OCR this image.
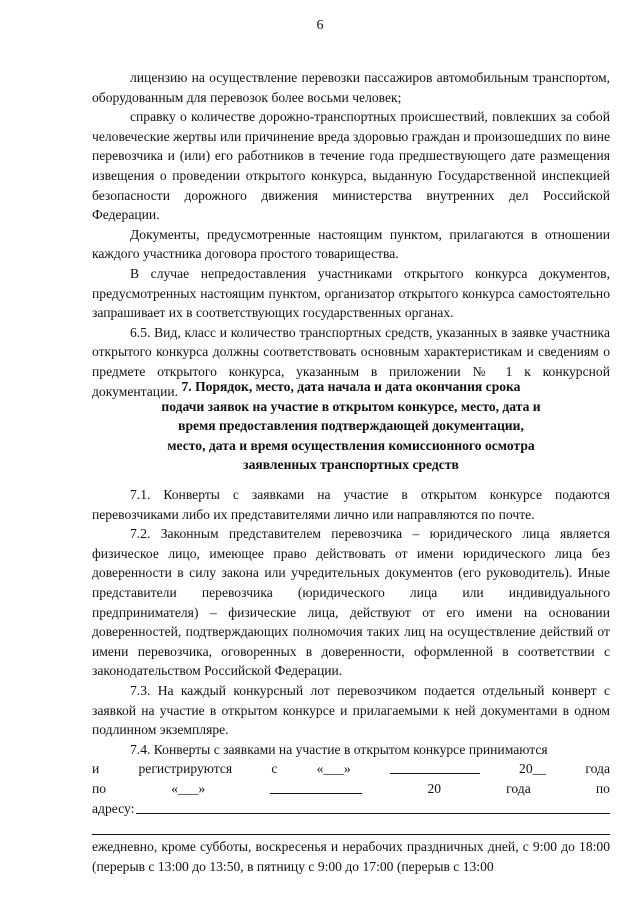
6

лицензию на осуществление перевозки пассажиров автомобильным транспортом, оборудованным для перевозок более восьми человек;

справку о количестве дорожно-транспортных происшествий, повлекших за собой человеческие жертвы или причинение вреда здоровью граждан и произошедших по вине перевозчика и (или) его работников в течение года предшествующего дате размещения извещения о проведении открытого конкурса, выданную Государственной инспекцией безопасности дорожного движения министерства внутренних дел Российской Федерации.

Документы, предусмотренные настоящим пунктом, прилагаются в отношении каждого участника договора простого товарищества.

В случае непредоставления участниками открытого конкурса документов, предусмотренных настоящим пунктом, организатор открытого конкурса самостоятельно запрашивает их в соответствующих государственных органах.

6.5. Вид, класс и количество транспортных средств, указанных в заявке участника открытого конкурса должны соответствовать основным характеристикам и сведениям о предмете открытого конкурса, указанным в приложении № 1 к конкурсной документации. 7. Порядок, место, дата начала и дата окончания срока

подачи заявок на участие в открытом конкурсе, место, дата и

время предоставления подтверждающей документации,

место, дата и время осуществления комиссионного осмотра

заявленных транспортных средств

7.1. Конверты с заявками на участие в открытом конкурсе подаются перевозчиками либо их представителями лично или направляются по почте.

7.2. Законным представителем перевозчика – юридического лица является физическое лицо, имеющее право действовать от имени юридического лица без доверенности в силу закона или учредительных документов (его руководитель). Иные представители перевозчика (юридического лица или индивидуального предпринимателя) – физические лица, действуют от его имени на основании доверенностей, подтверждающих полномочия таких лиц на осуществление действий от имени перевозчика, оговоренных в доверенности, оформленной в соответствии с законодательством Российской Федерации.

7.3. На каждый конкурсный лот перевозчиком подается отдельный конверт с заявкой на участие в открытом конкурсе и прилагаемыми к ней документами в одном подлинном экземпляре.

7.4. Конверты с заявками на участие в открытом конкурсе принимаются

и	регистрируются	с	«___»	20__	года
по	«___»	20	года	по
адресу:

ежедневно, кроме субботы, воскресенья и нерабочих праздничных дней, с 9:00 до 18:00 (перерыв с 13:00 до 13:50, в пятницу с 9:00 до 17:00 (перерыв с 13:00
